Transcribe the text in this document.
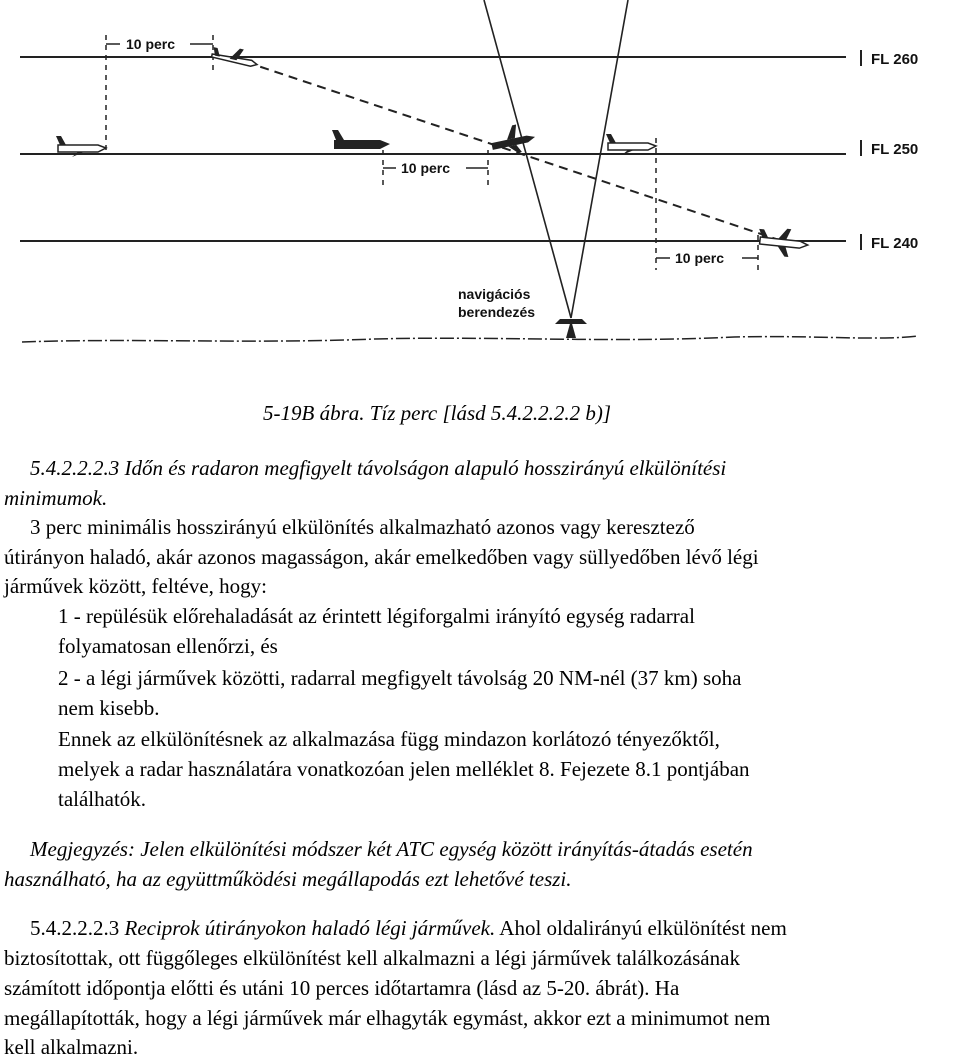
10 perc
10 perc
10 perc
FL 260
FL 250
FL 240
navigációs
berendezés
5-19B ábra. Tíz perc [lásd 5.4.2.2.2.2 b)]

5.4.2.2.2.3 Időn és radaron megfigyelt távolságon alapuló hosszirányú elkülönítési

minimumok.

3 perc minimális hosszirányú elkülönítés alkalmazható azonos vagy keresztező

útirányon haladó, akár azonos magasságon, akár emelkedőben vagy süllyedőben lévő légi

járművek között, feltéve, hogy:

1 - repülésük előrehaladását az érintett légiforgalmi irányító egység radarral

folyamatosan ellenőrzi, és

2 - a légi járművek közötti, radarral megfigyelt távolság 20 NM-nél (37 km) soha

nem kisebb.

Ennek az elkülönítésnek az alkalmazása függ mindazon korlátozó tényezőktől,

melyek a radar használatára vonatkozóan jelen melléklet 8. Fejezete 8.1 pontjában

találhatók.

Megjegyzés: Jelen elkülönítési módszer két ATC egység között irányítás-átadás esetén

használható, ha az együttműködési megállapodás ezt lehetővé teszi.

5.4.2.2.2.3 Reciprok útirányokon haladó légi járművek. Ahol oldalirányú elkülönítést nem

biztosítottak, ott függőleges elkülönítést kell alkalmazni a légi járművek találkozásának

számított időpontja előtti és utáni 10 perces időtartamra (lásd az 5-20. ábrát). Ha

megállapították, hogy a légi járművek már elhagyták egymást, akkor ezt a minimumot nem

kell alkalmazni.
